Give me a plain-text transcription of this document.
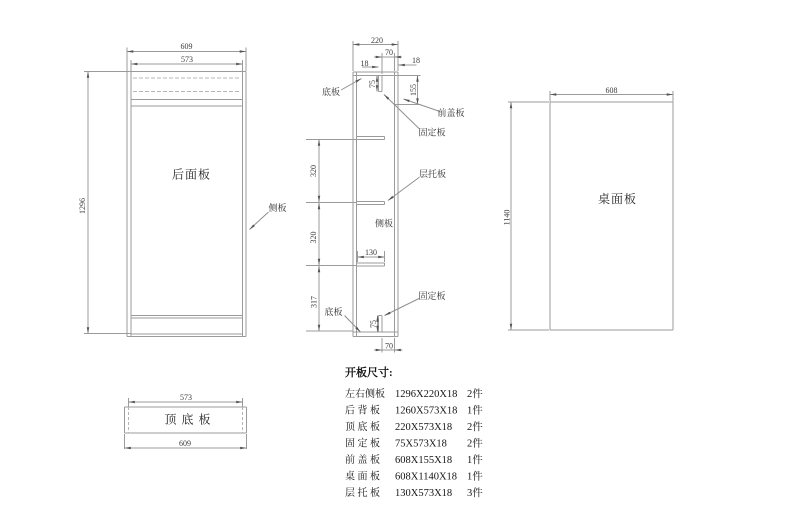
609
573
1296
后面板
侧板
220
70
18	18
75	155
320
320
317
130
75
70
底板
前盖板
固定板
层托板
侧板
固定板
底板
608
1140
桌面板
573
609
顶 底 板
开板尺寸:
左右侧板 1296X220X18 2件
后 背 板 1260X573X18 1件
顶 底 板 220X573X18 2件
固 定 板 75X573X18 2件
前 盖 板 608X155X18 1件
桌 面 板 608X1140X18 1件
层 托 板 130X573X18 3件
